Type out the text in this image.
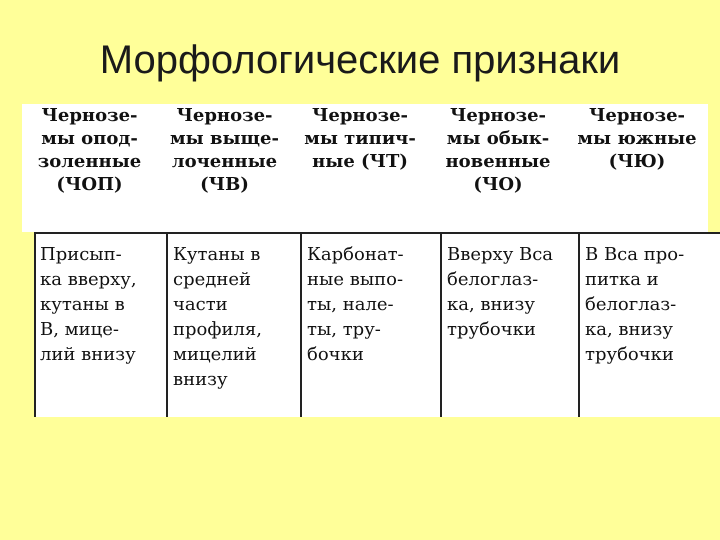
Морфологические признаки
Чернозе-
мы опод-
золенные
(ЧОП)
Чернозе-
мы выще-
лоченные
(ЧВ)
Чернозе-
мы типич-
ные (ЧТ)
Чернозе-
мы обык-
новенные
(ЧО)
Чернозе-
мы южные
(ЧЮ)
Присып-
ка вверху,
кутаны в
В, мице-
лий внизу
Кутаны в
средней
части
профиля,
мицелий
внизу
Карбонат-
ные выпо-
ты, нале-
ты, тру-
бочки
Вверху Вса
белоглаз-
ка, внизу
трубочки
В Вса про-
питка и
белоглаз-
ка, внизу
трубочки
